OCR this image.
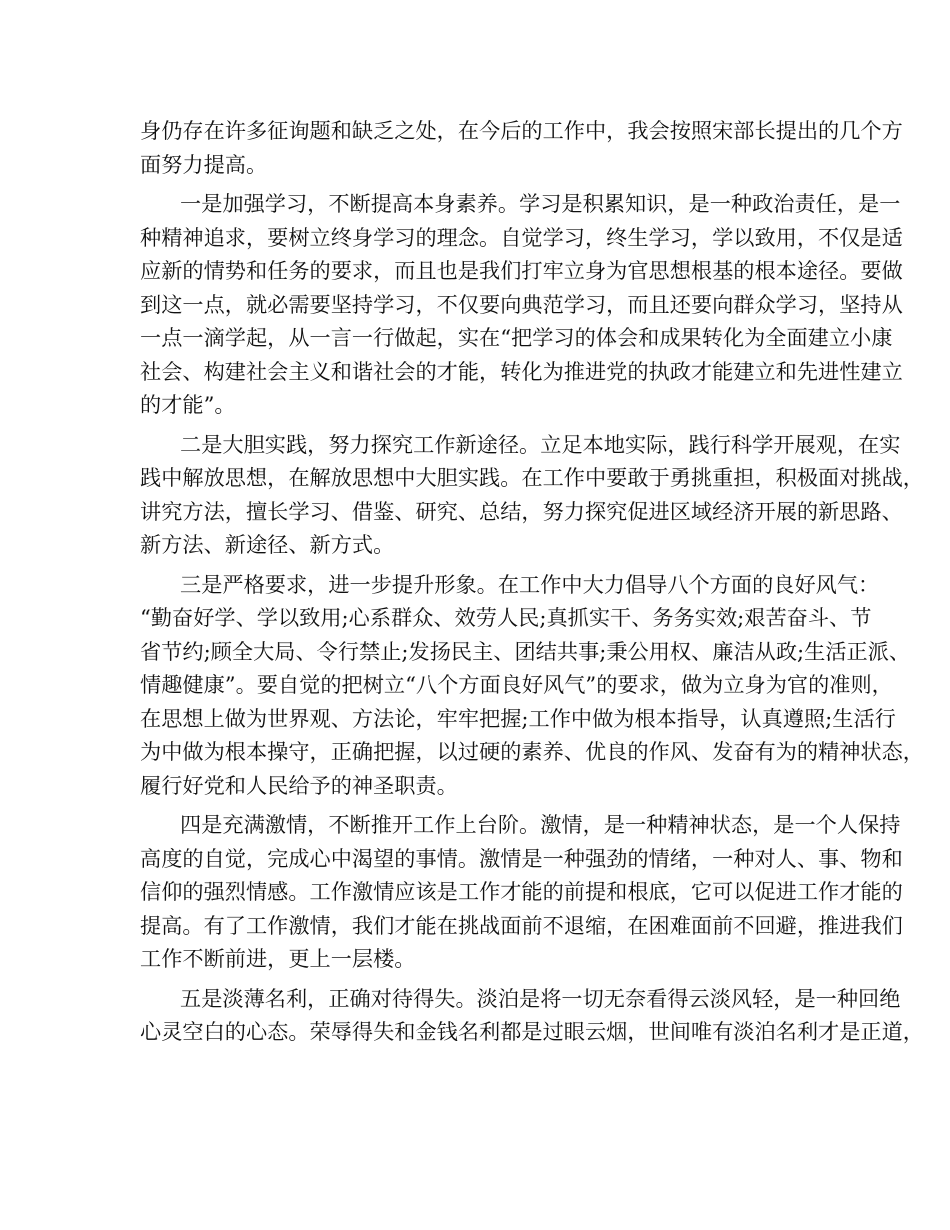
身仍存在许多征询题和缺乏之处，在今后的工作中，我会按照宋部长提出的几个方
面努力提高。
一是加强学习，不断提高本身素养。学习是积累知识，是一种政治责任，是一
种精神追求，要树立终身学习的理念。自觉学习，终生学习，学以致用，不仅是适
应新的情势和任务的要求，而且也是我们打牢立身为官思想根基的根本途径。要做
到这一点，就必需要坚持学习，不仅要向典范学习，而且还要向群众学习，坚持从
一点一滴学起，从一言一行做起，实在“把学习的体会和成果转化为全面建立小康
社会、构建社会主义和谐社会的才能，转化为推进党的执政才能建立和先进性建立
的才能”。
二是大胆实践，努力探究工作新途径。立足本地实际，践行科学开展观，在实
践中解放思想，在解放思想中大胆实践。在工作中要敢于勇挑重担，积极面对挑战，
讲究方法，擅长学习、借鉴、研究、总结，努力探究促进区域经济开展的新思路、
新方法、新途径、新方式。
三是严格要求，进一步提升形象。在工作中大力倡导八个方面的良好风气：
“勤奋好学、学以致用;心系群众、效劳人民;真抓实干、务务实效;艰苦奋斗、节
省节约;顾全大局、令行禁止;发扬民主、团结共事;秉公用权、廉洁从政;生活正派、
情趣健康”。要自觉的把树立“八个方面良好风气”的要求，做为立身为官的准则，
在思想上做为世界观、方法论，牢牢把握;工作中做为根本指导，认真遵照;生活行
为中做为根本操守，正确把握，以过硬的素养、优良的作风、发奋有为的精神状态，
履行好党和人民给予的神圣职责。
四是充满激情，不断推开工作上台阶。激情，是一种精神状态，是一个人保持
高度的自觉，完成心中渴望的事情。激情是一种强劲的情绪，一种对人、事、物和
信仰的强烈情感。工作激情应该是工作才能的前提和根底，它可以促进工作才能的
提高。有了工作激情，我们才能在挑战面前不退缩，在困难面前不回避，推进我们
工作不断前进，更上一层楼。
五是淡薄名利，正确对待得失。淡泊是将一切无奈看得云淡风轻，是一种回绝
心灵空白的心态。荣辱得失和金钱名利都是过眼云烟，世间唯有淡泊名利才是正道，
